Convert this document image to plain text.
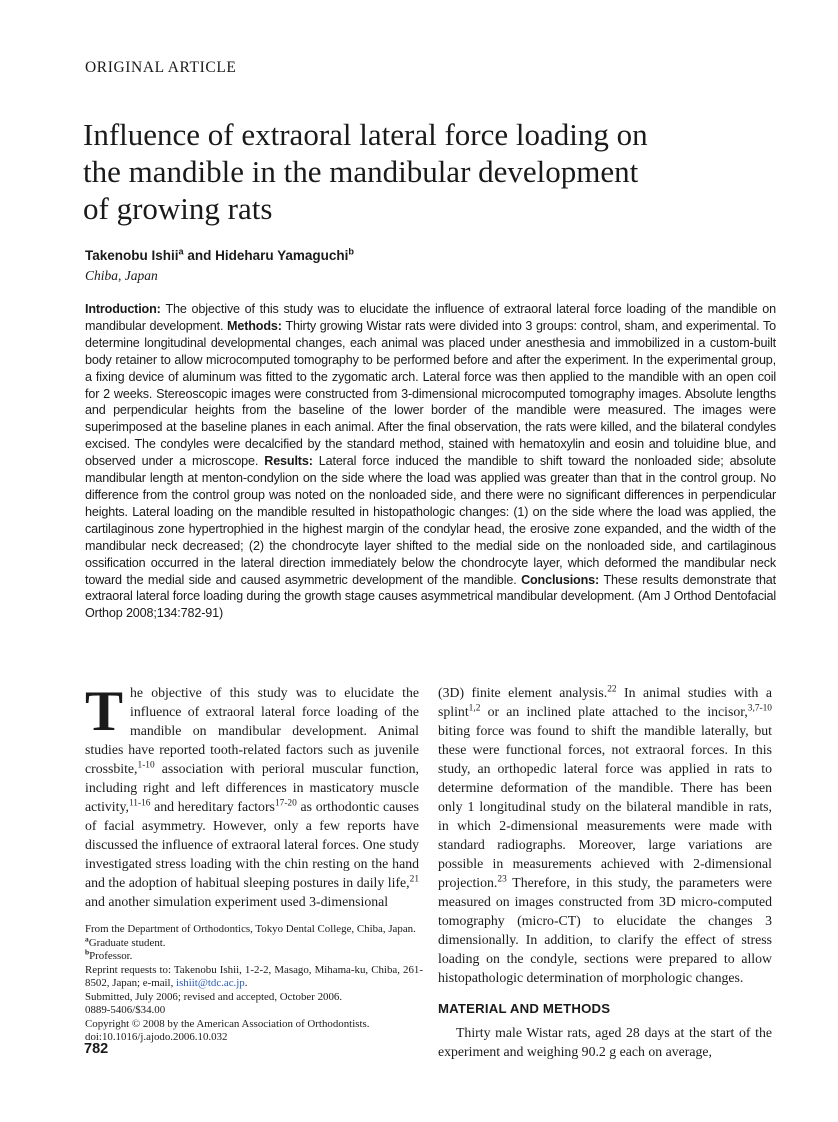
ORIGINAL ARTICLE
Influence of extraoral lateral force loading on
the mandible in the mandibular development
of growing rats
Takenobu Ishii$^a$ and Hideharu Yamaguchi$^b$
Chiba, Japan
Introduction: The objective of this study was to elucidate the influence of extraoral lateral force loading of the mandible on mandibular development. Methods: Thirty growing Wistar rats were divided into 3 groups: control, sham, and experimental. To determine longitudinal developmental changes, each animal was placed under anesthesia and immobilized in a custom-built body retainer to allow microcomputed tomography to be performed before and after the experiment. In the experimental group, a fixing device of aluminum was fitted to the zygomatic arch. Lateral force was then applied to the mandible with an open coil for 2 weeks. Stereoscopic images were constructed from 3-dimensional microcomputed tomography images. Absolute lengths and perpendicular heights from the baseline of the lower border of the mandible were measured. The images were superimposed at the baseline planes in each animal. After the final observation, the rats were killed, and the bilateral condyles excised. The condyles were decalcified by the standard method, stained with hematoxylin and eosin and toluidine blue, and observed under a microscope. Results: Lateral force induced the mandible to shift toward the nonloaded side; absolute mandibular length at menton-condylion on the side where the load was applied was greater than that in the control group. No difference from the control group was noted on the nonloaded side, and there were no significant differences in perpendicular heights. Lateral loading on the mandible resulted in histopathologic changes: (1) on the side where the load was applied, the cartilaginous zone hypertrophied in the highest margin of the condylar head, the erosive zone expanded, and the width of the mandibular neck decreased; (2) the chondrocyte layer shifted to the medial side on the nonloaded side, and cartilaginous ossification occurred in the lateral direction immediately below the chondrocyte layer, which deformed the mandibular neck toward the medial side and caused asymmetric development of the mandible. Conclusions: These results demonstrate that extraoral lateral force loading during the growth stage causes asymmetrical mandibular development. (Am J Orthod Dentofacial Orthop 2008;134:782-91)

The objective of this study was to elucidate the influence of extraoral lateral force loading of the mandible on mandibular development. Animal studies have reported tooth-related factors such as juvenile crossbite,$^{1-10}$ association with perioral muscular function, including right and left differences in masticatory muscle activity,$^{11-16}$ and hereditary factors$^{17-20}$ as orthodontic causes of facial asymmetry. However, only a few reports have discussed the influence of extraoral lateral forces. One study investigated stress loading with the chin resting on the hand and the adoption of habitual sleeping postures in daily life,$^{21}$ and another simulation experiment used 3-dimensional

(3D) finite element analysis.$^{22}$ In animal studies with a splint$^{1,2}$ or an inclined plate attached to the incisor,$^{3,7-10}$ biting force was found to shift the mandible laterally, but these were functional forces, not extraoral forces. In this study, an orthopedic lateral force was applied in rats to determine deformation of the mandible. There has been only 1 longitudinal study on the bilateral mandible in rats, in which 2-dimensional measurements were made with standard radiographs. Moreover, large variations are possible in measurements achieved with 2-dimensional projection.$^{23}$ Therefore, in this study, the parameters were measured on images constructed from 3D micro-computed tomography (micro-CT) to elucidate the changes 3 dimensionally. In addition, to clarify the effect of stress loading on the condyle, sections were prepared to allow histopathologic determination of morphologic changes.

MATERIAL AND METHODS

Thirty male Wistar rats, aged 28 days at the start of the experiment and weighing 90.2 g each on average,

From the Department of Orthodontics, Tokyo Dental College, Chiba, Japan.

$^a$Graduate student.

$^b$Professor.

Reprint requests to: Takenobu Ishii, 1-2-2, Masago, Mihama-ku, Chiba, 261-8502, Japan; e-mail, ishiit@tdc.ac.jp.

Submitted, July 2006; revised and accepted, October 2006.

0889-5406/$34.00

Copyright © 2008 by the American Association of Orthodontists.

doi:10.1016/j.ajodo.2006.10.032

782
